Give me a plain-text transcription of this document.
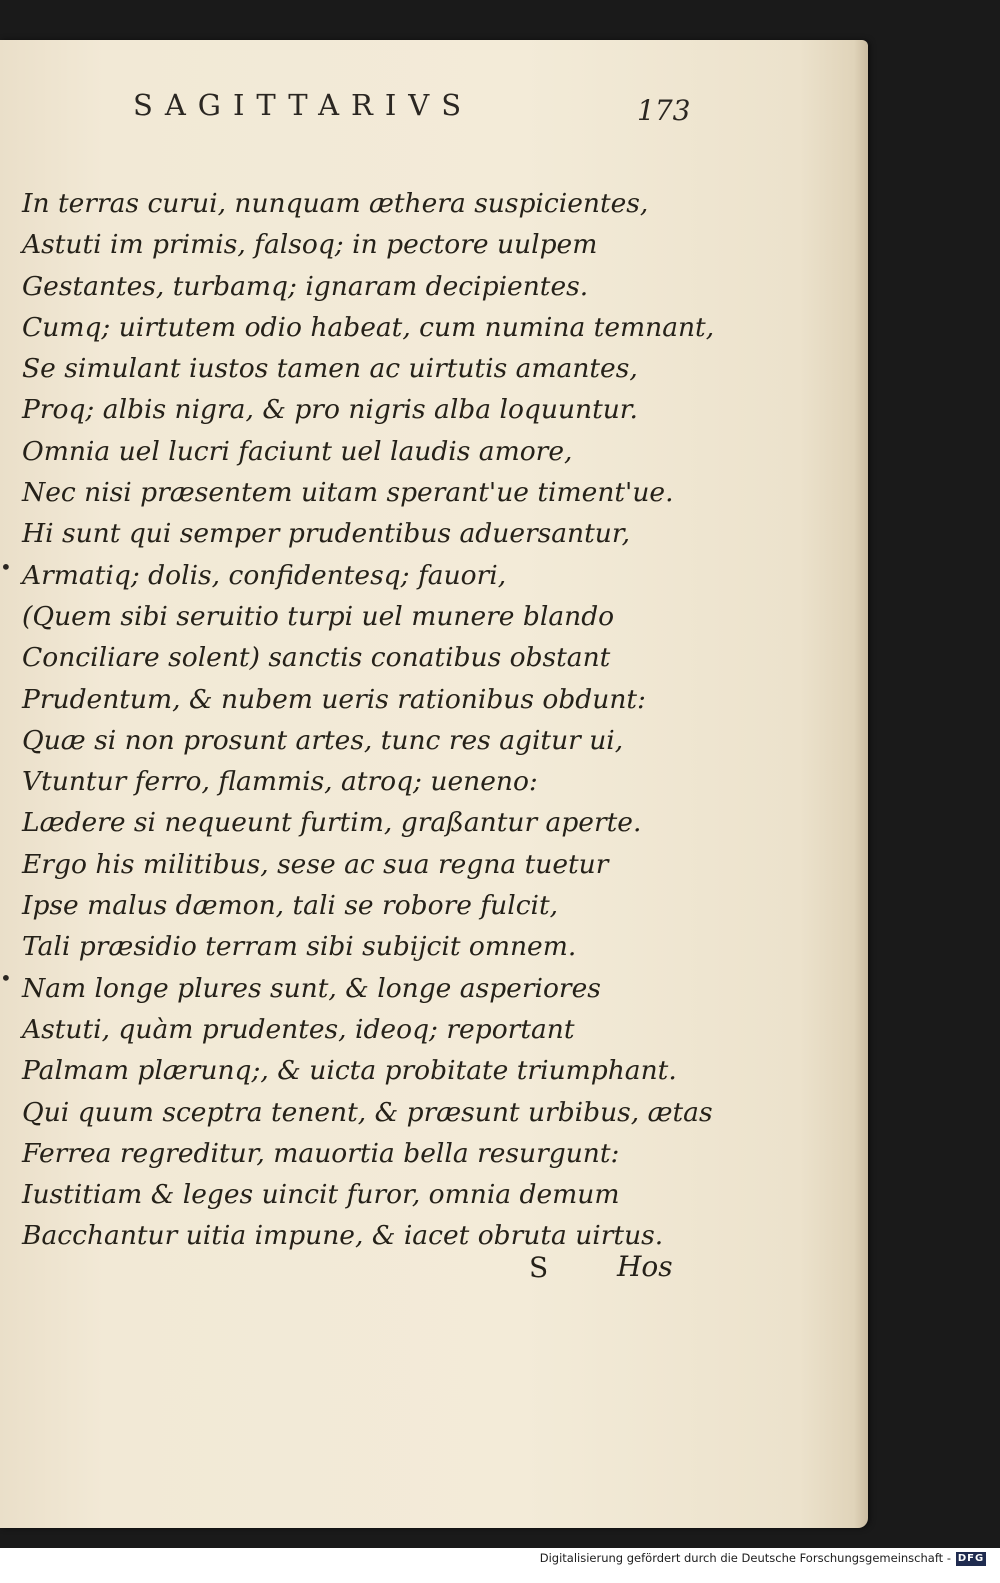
SAGITTARIVS	173
•
•
In terras curui, nunquam æthera suspicientes,
Astuti im primis, falsoq; in pectore uulpem
Gestantes, turbamq; ignaram decipientes.
Cumq; uirtutem odio habeat, cum numina temnant,
Se simulant iustos tamen ac uirtutis amantes,
Proq; albis nigra, & pro nigris alba loquuntur.
Omnia uel lucri faciunt uel laudis amore,
Nec nisi præsentem uitam sperant'ue timent'ue.
Hi sunt qui semper prudentibus aduersantur,
Armatiq; dolis, confidentesq; fauori,
(Quem sibi seruitio turpi uel munere blando
Conciliare solent) sanctis conatibus obstant
Prudentum, & nubem ueris rationibus obdunt:
Quæ si non prosunt artes, tunc res agitur ui,
Vtuntur ferro, flammis, atroq; ueneno:
Lædere si nequeunt furtim, graßantur aperte.
Ergo his militibus, sese ac sua regna tuetur
Ipse malus dæmon, tali se robore fulcit,
Tali præsidio terram sibi subijcit omnem.
Nam longe plures sunt, & longe asperiores
Astuti, quàm prudentes, ideoq; reportant
Palmam plærunq;, & uicta probitate triumphant.
Qui quum sceptra tenent, & præsunt urbibus, ætas
Ferrea regreditur, mauortia bella resurgunt:
Iustitiam & leges uincit furor, omnia demum
Bacchantur uitia impune, & iacet obruta uirtus.
S Hos
Digitalisierung gefördert durch die Deutsche Forschungsgemeinschaft - DFG
